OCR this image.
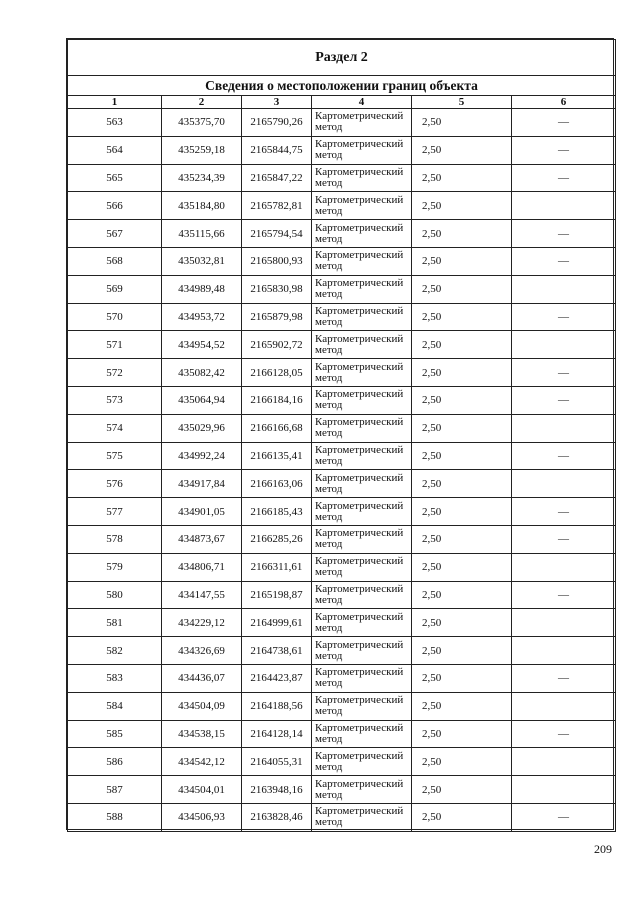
Раздел 2					
Сведения о местоположении границ объекта					
1	2	3	4	5	6
563	435375,70	2165790,26	Картометрический метод	2,50	—
564	435259,18	2165844,75	Картометрический метод	2,50	—
565	435234,39	2165847,22	Картометрический метод	2,50	—
566	435184,80	2165782,81	Картометрический метод	2,50	
567	435115,66	2165794,54	Картометрический метод	2,50	—
568	435032,81	2165800,93	Картометрический метод	2,50	—
569	434989,48	2165830,98	Картометрический метод	2,50	
570	434953,72	2165879,98	Картометрический метод	2,50	—
571	434954,52	2165902,72	Картометрический метод	2,50	
572	435082,42	2166128,05	Картометрический метод	2,50	—
573	435064,94	2166184,16	Картометрический метод	2,50	—
574	435029,96	2166166,68	Картометрический метод	2,50	
575	434992,24	2166135,41	Картометрический метод	2,50	—
576	434917,84	2166163,06	Картометрический метод	2,50	
577	434901,05	2166185,43	Картометрический метод	2,50	—
578	434873,67	2166285,26	Картометрический метод	2,50	—
579	434806,71	2166311,61	Картометрический метод	2,50	
580	434147,55	2165198,87	Картометрический метод	2,50	—
581	434229,12	2164999,61	Картометрический метод	2,50	
582	434326,69	2164738,61	Картометрический метод	2,50	
583	434436,07	2164423,87	Картометрический метод	2,50	—
584	434504,09	2164188,56	Картометрический метод	2,50	
585	434538,15	2164128,14	Картометрический метод	2,50	—
586	434542,12	2164055,31	Картометрический метод	2,50	
587	434504,01	2163948,16	Картометрический метод	2,50	
588	434506,93	2163828,46	Картометрический метод	2,50	—
209
